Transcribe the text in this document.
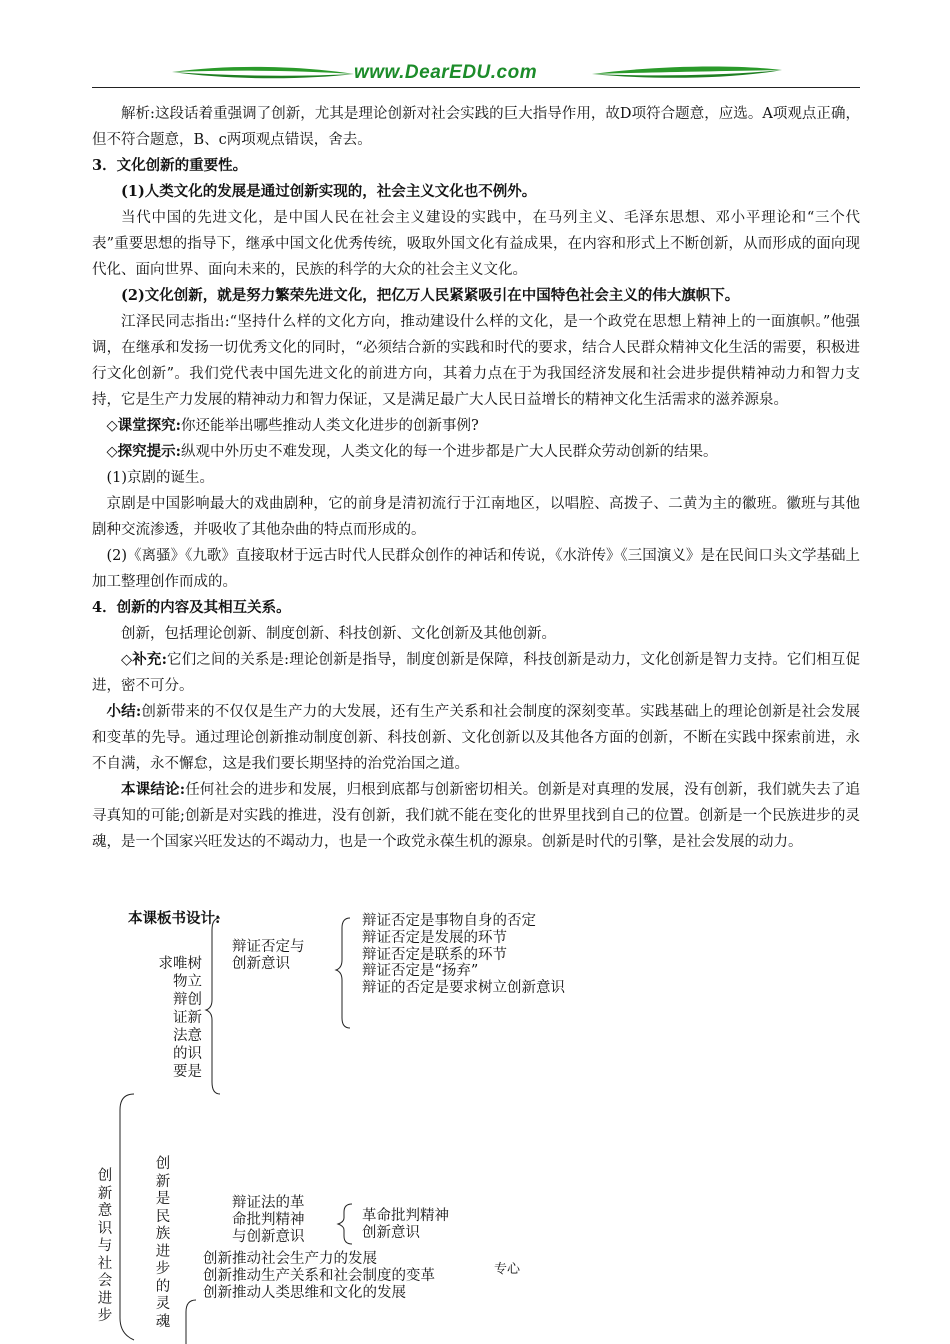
www.DearEDU.com

解析:这段话着重强调了创新，尤其是理论创新对社会实践的巨大指导作用，故D项符合题意，应选。A项观点正确，但不符合题意，B、c两项观点错误，舍去。

3．文化创新的重要性。

(1)人类文化的发展是通过创新实现的，社会主义文化也不例外。

当代中国的先进文化，是中国人民在社会主义建设的实践中，在马列主义、毛泽东思想、邓小平理论和“三个代表”重要思想的指导下，继承中国文化优秀传统，吸取外国文化有益成果，在内容和形式上不断创新，从而形成的面向现代化、面向世界、面向未来的，民族的科学的大众的社会主义文化。

(2)文化创新，就是努力繁荣先进文化，把亿万人民紧紧吸引在中国特色社会主义的伟大旗帜下。

江泽民同志指出:“坚持什么样的文化方向，推动建设什么样的文化，是一个政党在思想上精神上的一面旗帜。”他强调，在继承和发扬一切优秀文化的同时，“必须结合新的实践和时代的要求，结合人民群众精神文化生活的需要，积极进行文化创新”。我们党代表中国先进文化的前进方向，其着力点在于为我国经济发展和社会进步提供精神动力和智力支持，它是生产力发展的精神动力和智力保证，又是满足最广大人民日益增长的精神文化生活需求的滋养源泉。

◇课堂探究:你还能举出哪些推动人类文化进步的创新事例?

◇探究提示:纵观中外历史不难发现，人类文化的每一个进步都是广大人民群众劳动创新的结果。

(1)京剧的诞生。

京剧是中国影响最大的戏曲剧种，它的前身是清初流行于江南地区，以唱腔、高拨子、二黄为主的徽班。徽班与其他剧种交流渗透，并吸收了其他杂曲的特点而形成的。

(2)《离骚》《九歌》直接取材于远古时代人民群众创作的神话和传说，《水浒传》《三国演义》是在民间口头文学基础上加工整理创作而成的。

4．创新的内容及其相互关系。

创新，包括理论创新、制度创新、科技创新、文化创新及其他创新。

◇补充:它们之间的关系是:理论创新是指导，制度创新是保障，科技创新是动力，文化创新是智力支持。它们相互促进，密不可分。

小结:创新带来的不仅仅是生产力的大发展，还有生产关系和社会制度的深刻变革。实践基础上的理论创新是社会发展和变革的先导。通过理论创新推动制度创新、科技创新、文化创新以及其他各方面的创新，不断在实践中探索前进，永不自满，永不懈怠，这是我们要长期坚持的治党治国之道。

本课结论:任何社会的进步和发展，归根到底都与创新密切相关。创新是对真理的发展，没有创新，我们就失去了追寻真知的可能;创新是对实践的推进，没有创新，我们就不能在变化的世界里找到自己的位置。创新是一个民族进步的灵魂，是一个国家兴旺发达的不竭动力，也是一个政党永葆生机的源泉。创新是时代的引擎，是社会发展的动力。

本课板书设计:
求唯树
物立
辩创
证新
法意
的识
要是
辩证否定与
创新意识
辩证否定是事物自身的否定
辩证否定是发展的环节
辩证否定是联系的环节
辩证否定是“扬弃”
辩证的否定是要求树立创新意识
创新意识与社会进步
创新是民族进步的灵魂
辩证法的革
命批判精神
与创新意识
革命批判精神
创新意识
创新推动社会生产力的发展
创新推动生产关系和社会制度的变革
创新推动人类思维和文化的发展
专心
